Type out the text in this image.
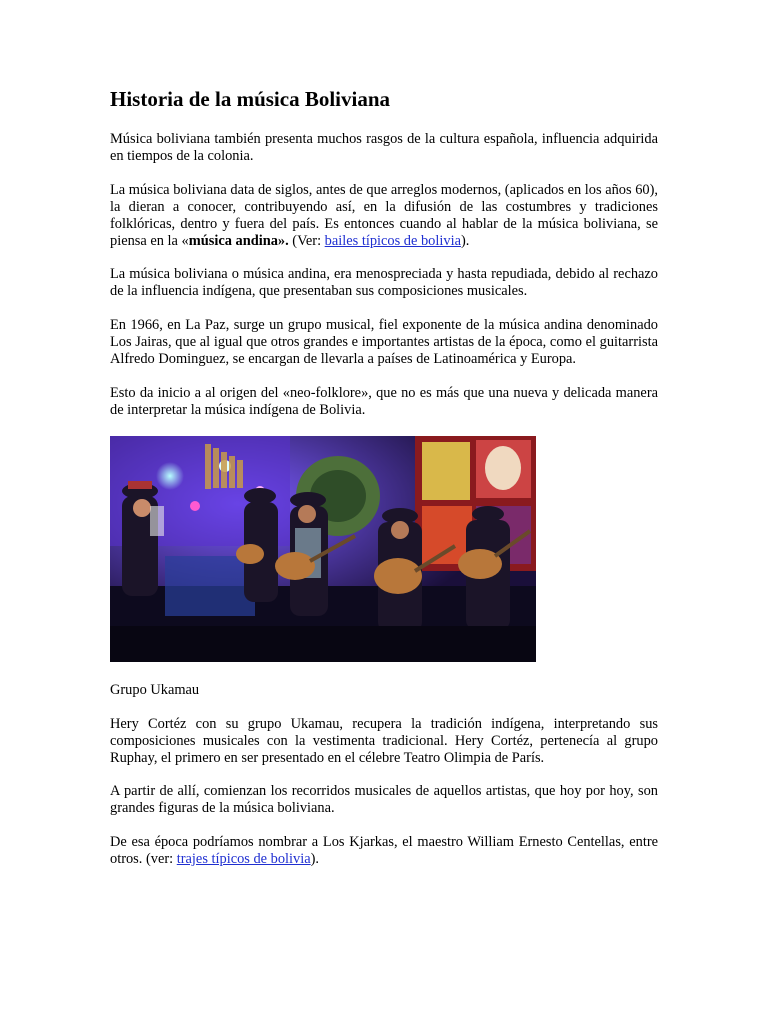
Historia de la música Boliviana

Música boliviana también presenta muchos rasgos de la cultura española, influencia adquirida en tiempos de la colonia.

La música boliviana data de siglos, antes de que arreglos modernos, (aplicados en los años 60), la dieran a conocer, contribuyendo así, en la difusión de las costumbres y tradiciones folklóricas, dentro y fuera del país. Es entonces cuando al hablar de la música boliviana, se piensa en la «música andina». (Ver: bailes típicos de bolivia).

La música boliviana o música andina, era menospreciada y hasta repudiada, debido al rechazo de la influencia indígena, que presentaban sus composiciones musicales.

En 1966, en La Paz, surge un grupo musical, fiel exponente de la música andina denominado Los Jairas, que al igual que otros grandes e importantes artistas de la época, como el guitarrista Alfredo Dominguez, se encargan de llevarla a países de Latinoamérica y Europa.

Esto da inicio a al origen del «neo-folklore», que no es más que una nueva y delicada manera de interpretar la música indígena de Bolivia.

Grupo Ukamau

Hery Cortéz con su grupo Ukamau, recupera la tradición indígena, interpretando sus composiciones musicales con la vestimenta tradicional. Hery Cortéz, pertenecía al grupo Ruphay, el primero en ser presentado en el célebre Teatro Olimpia de París.

A partir de allí, comienzan los recorridos musicales de aquellos artistas, que hoy por hoy, son grandes figuras de la música boliviana.

De esa época podríamos nombrar a Los Kjarkas, el maestro William Ernesto Centellas, entre otros. (ver: trajes típicos de bolivia).
